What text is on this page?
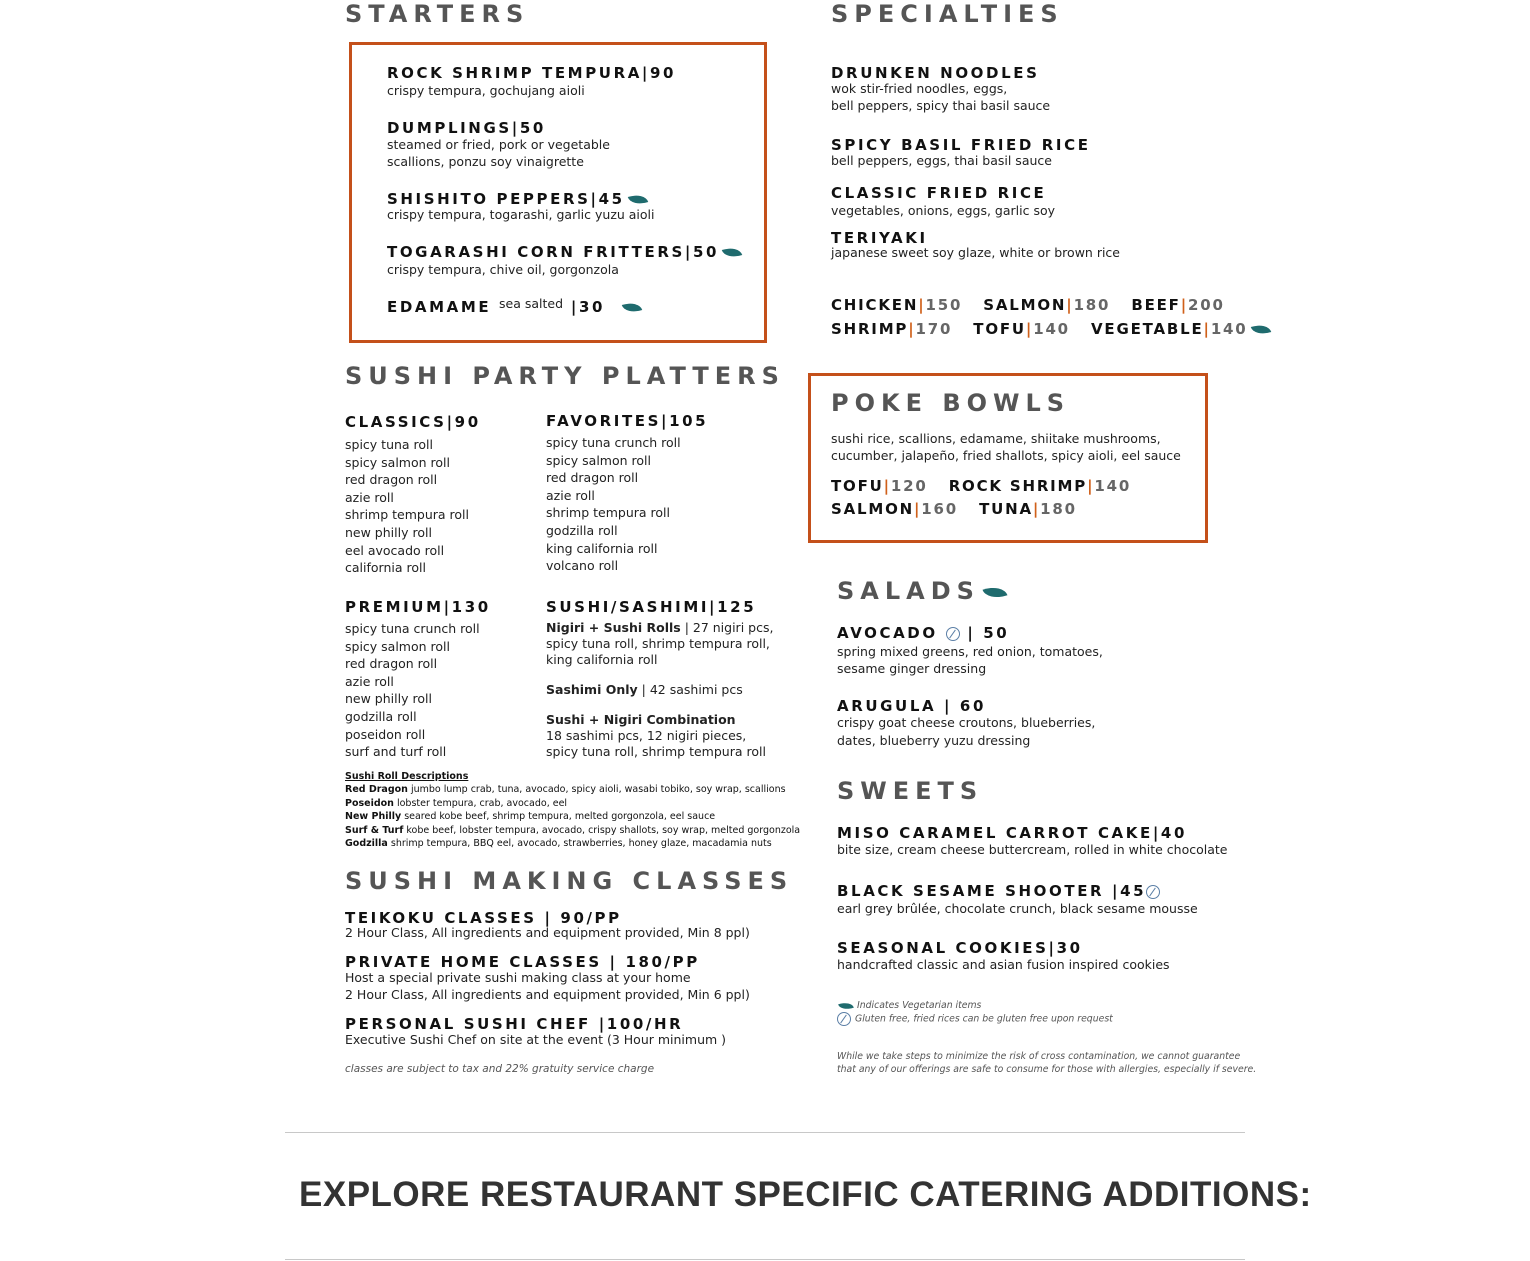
STARTERS
ROCK SHRIMP TEMPURA|90
crispy tempura, gochujang aioli
DUMPLINGS|50
steamed or fried, pork or vegetable
scallions, ponzu soy vinaigrette
SHISHITO PEPPERS|45
crispy tempura, togarashi, garlic yuzu aioli
TOGARASHI CORN FRITTERS|50
crispy tempura, chive oil, gorgonzola
EDAMAME $^{sea salted}$ |30
SPECIALTIES
DRUNKEN NOODLES
wok stir-fried noodles, eggs,
bell peppers, spicy thai basil sauce
SPICY BASIL FRIED RICE
bell peppers, eggs, thai basil sauce
CLASSIC FRIED RICE
vegetables, onions, eggs, garlic soy
TERIYAKI
japanese sweet soy glaze, white or brown rice
CHICKEN|150 SALMON|180 BEEF|200
SHRIMP|170 TOFU|140 VEGETABLE|140
SUSHI PARTY PLATTERS
CLASSICS|90
spicy tuna roll
spicy salmon roll
red dragon roll
azie roll
shrimp tempura roll
new philly roll
eel avocado roll
california roll
FAVORITES|105
spicy tuna crunch roll
spicy salmon roll
red dragon roll
azie roll
shrimp tempura roll
godzilla roll
king california roll
volcano roll
PREMIUM|130
spicy tuna crunch roll
spicy salmon roll
red dragon roll
azie roll
new philly roll
godzilla roll
poseidon roll
surf and turf roll
SUSHI/SASHIMI|125
Nigiri + Sushi Rolls | 27 nigiri pcs,
spicy tuna roll, shrimp tempura roll,
king california roll
Sashimi Only | 42 sashimi pcs
Sushi + Nigiri Combination
18 sashimi pcs, 12 nigiri pieces,
spicy tuna roll, shrimp tempura roll
Sushi Roll Descriptions
Red Dragon jumbo lump crab, tuna, avocado, spicy aioli, wasabi tobiko, soy wrap, scallions
Poseidon lobster tempura, crab, avocado, eel
New Philly seared kobe beef, shrimp tempura, melted gorgonzola, eel sauce
Surf & Turf kobe beef, lobster tempura, avocado, crispy shallots, soy wrap, melted gorgonzola
Godzilla shrimp tempura, BBQ eel, avocado, strawberries, honey glaze, macadamia nuts
SUSHI MAKING CLASSES
TEIKOKU CLASSES | 90/PP
2 Hour Class, All ingredients and equipment provided, Min 8 ppl)
PRIVATE HOME CLASSES | 180/PP
Host a special private sushi making class at your home
2 Hour Class, All ingredients and equipment provided, Min 6 ppl)
PERSONAL SUSHI CHEF |100/HR
Executive Sushi Chef on site at the event (3 Hour minimum )
classes are subject to tax and 22% gratuity service charge
POKE BOWLS
sushi rice, scallions, edamame, shiitake mushrooms,
cucumber, jalapeño, fried shallots, spicy aioli, eel sauce
TOFU|120 ROCK SHRIMP|140
SALMON|160 TUNA|180
SALADS
AVOCADO  | 50
spring mixed greens, red onion, tomatoes,
sesame ginger dressing
ARUGULA | 60
crispy goat cheese croutons, blueberries,
dates, blueberry yuzu dressing
SWEETS
MISO CARAMEL CARROT CAKE|40
bite size, cream cheese buttercream, rolled in white chocolate
BLACK SESAME SHOOTER |45
earl grey brûlée, chocolate crunch, black sesame mousse
SEASONAL COOKIES|30
handcrafted classic and asian fusion inspired cookies
Indicates Vegetarian items
Gluten free, fried rices can be gluten free upon request
While we take steps to minimize the risk of cross contamination, we cannot guarantee
that any of our offerings are safe to consume for those with allergies, especially if severe.
EXPLORE RESTAURANT SPECIFIC CATERING ADDITIONS:
